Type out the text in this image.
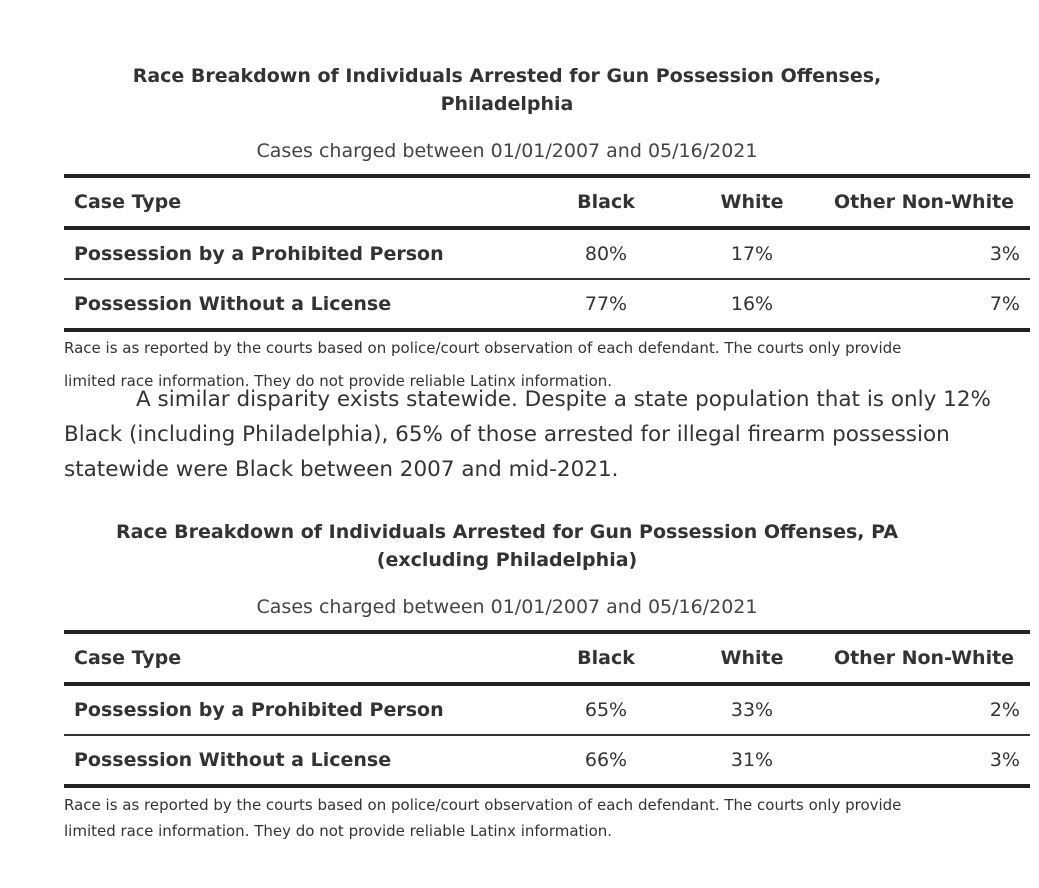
Race Breakdown of Individuals Arrested for Gun Possession Offenses, Philadelphia
Cases charged between 01/01/2007 and 05/16/2021
Case Type	Black	White	Other Non-White
Possession by a Prohibited Person	80%	17%	3%
Possession Without a License	77%	16%	7%

Race is as reported by the courts based on police/court observation of each defendant. The courts only provide limited race information. They do not provide reliable Latinx information.

A similar disparity exists statewide. Despite a state population that is only 12% Black (including Philadelphia), 65% of those arrested for illegal firearm possession statewide were Black between 2007 and mid-2021.

Race Breakdown of Individuals Arrested for Gun Possession Offenses, PA (excluding Philadelphia)
Cases charged between 01/01/2007 and 05/16/2021
Case Type	Black	White	Other Non-White
Possession by a Prohibited Person	65%	33%	2%
Possession Without a License	66%	31%	3%

Race is as reported by the courts based on police/court observation of each defendant. The courts only provide limited race information. They do not provide reliable Latinx information.
